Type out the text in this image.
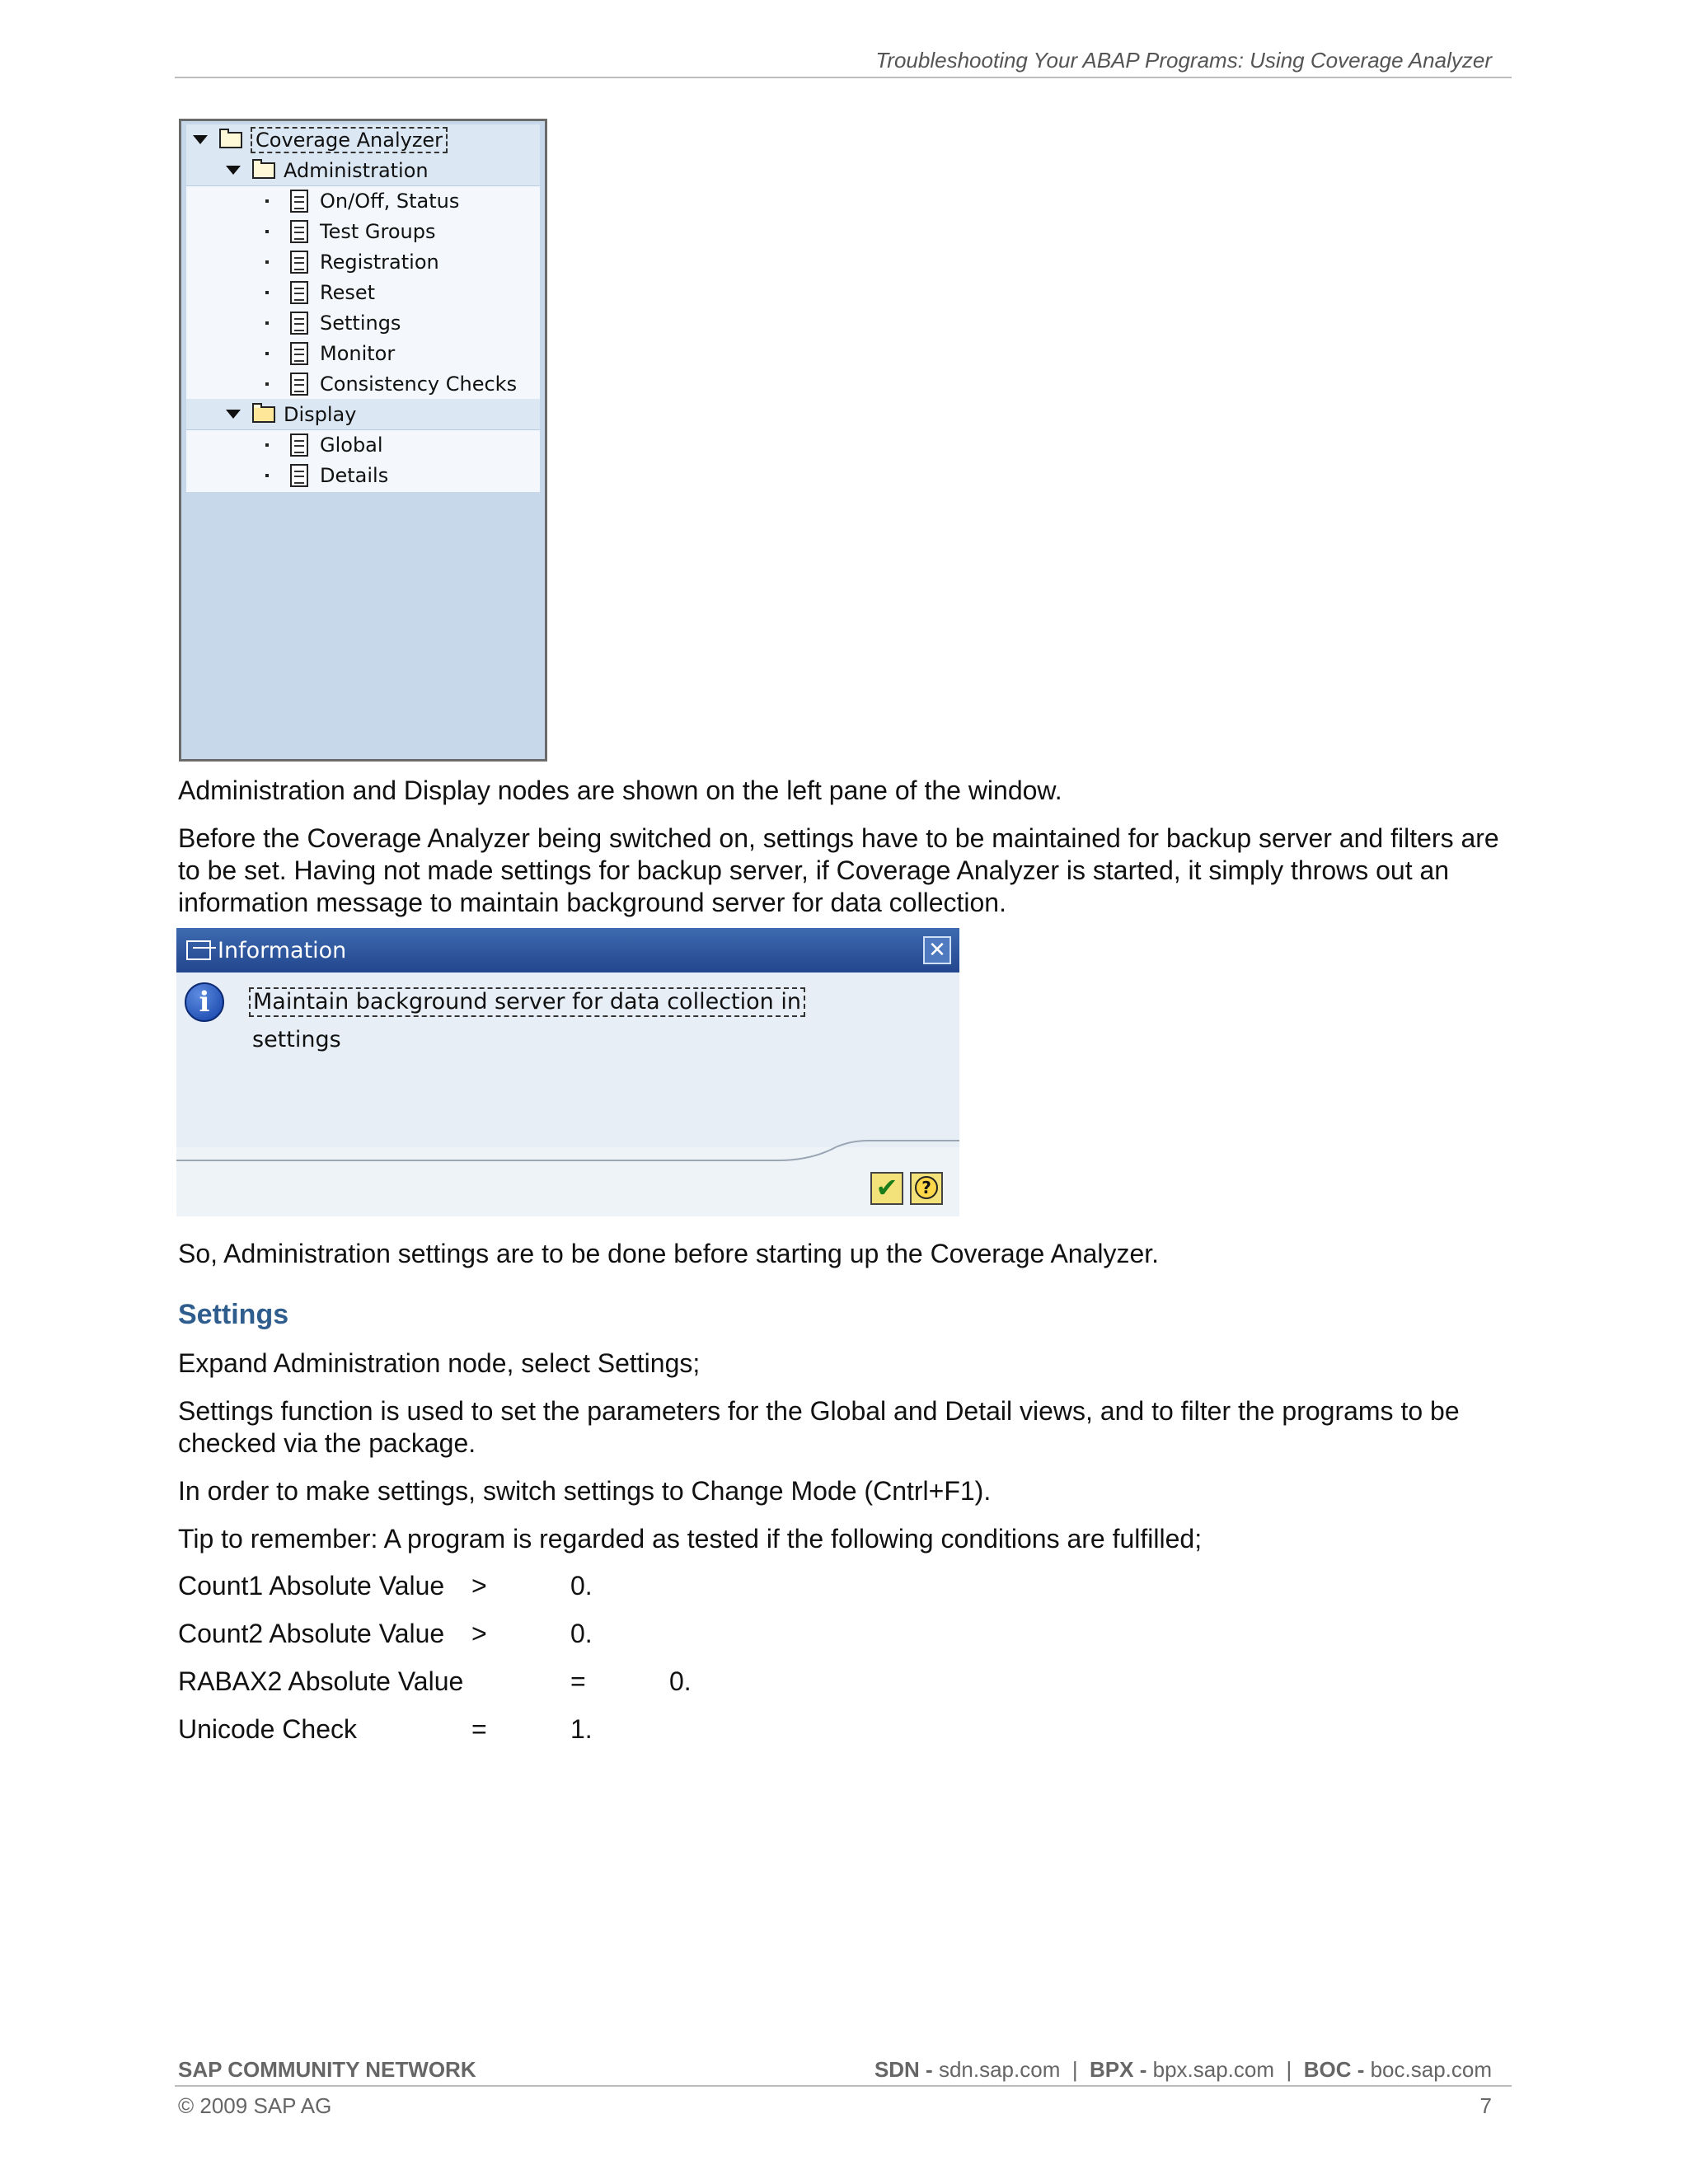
Troubleshooting Your ABAP Programs: Using Coverage Analyzer
Coverage Analyzer
Administration
On/Off, Status
Test Groups
Registration
Reset
Settings
Monitor
Consistency Checks
Display
Global
Details
Administration and Display nodes are shown on the left pane of the window.
Before the Coverage Analyzer being switched on, settings have to be maintained for backup server and filters are to be set. Having not made settings for backup server, if Coverage Analyzer is started, it simply throws out an information message to maintain background server for data collection.
Information	✕
i	Maintain background server for data collection in
settings
✔	?
So, Administration settings are to be done before starting up the Coverage Analyzer.
Settings
Expand Administration node, select Settings;
Settings function is used to set the parameters for the Global and Detail views, and to filter the programs to be checked via the package.
In order to make settings, switch settings to Change Mode (Cntrl+F1).
Tip to remember: A program is regarded as tested if the following conditions are fulfilled;
Count1 Absolute Value >	0.
Count2 Absolute Value >	0.
RABAX2 Absolute Value	=	0.
Unicode Check	=	1.
SAP COMMUNITY NETWORK	SDN - sdn.sap.com | BPX - bpx.sap.com | BOC - boc.sap.com
© 2009 SAP AG	7
